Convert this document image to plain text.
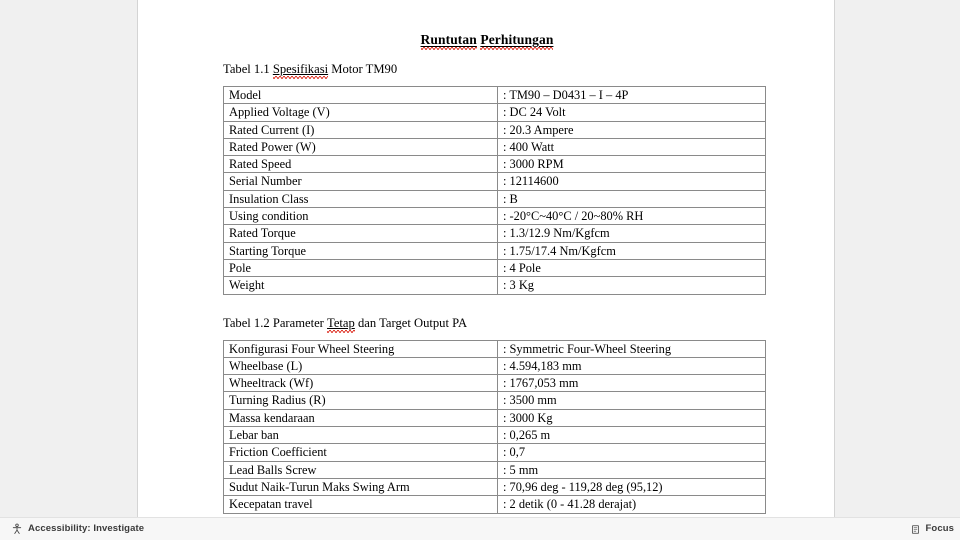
Runtutan Perhitungan

Tabel 1.1 Spesifikasi Motor TM90

Model	: TM90 – D0431 – I – 4P
Applied Voltage (V)	: DC 24 Volt
Rated Current (I)	: 20.3 Ampere
Rated Power (W)	: 400 Watt
Rated Speed	: 3000 RPM
Serial Number	: 12114600
Insulation Class	: B
Using condition	: -20°C~40°C / 20~80% RH
Rated Torque	: 1.3/12.9 Nm/Kgfcm
Starting Torque	: 1.75/17.4 Nm/Kgfcm
Pole	: 4 Pole
Weight	: 3 Kg

Tabel 1.2 Parameter Tetap dan Target Output PA

Konfigurasi Four Wheel Steering	: Symmetric Four-Wheel Steering
Wheelbase (L)	: 4.594,183 mm
Wheeltrack (Wf)	: 1767,053 mm
Turning Radius (R)	: 3500 mm
Massa kendaraan	: 3000 Kg
Lebar ban	: 0,265 m
Friction Coefficient	: 0,7
Lead Balls Screw	: 5 mm
Sudut Naik-Turun Maks Swing Arm	: 70,96 deg - 119,28 deg (95,12)
Kecepatan travel	: 2 detik (0 - 41.28 derajat)
Accessibility: Investigate	Focus
